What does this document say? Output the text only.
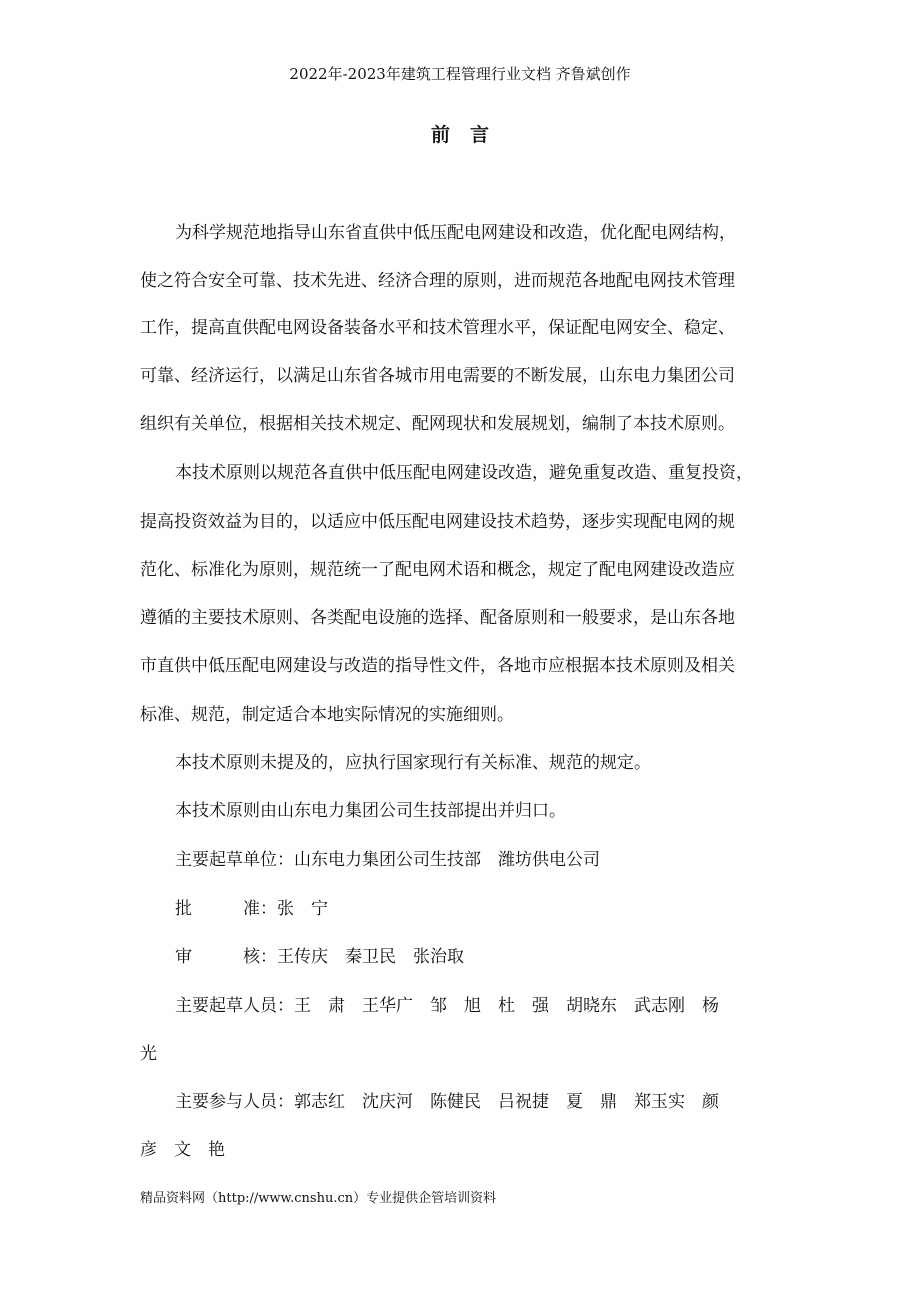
2022年-2023年建筑工程管理行业文档 齐鲁斌创作
前言
为科学规范地指导山东省直供中低压配电网建设和改造，优化配电网结构，
使之符合安全可靠、技术先进、经济合理的原则，进而规范各地配电网技术管理
工作，提高直供配电网设备装备水平和技术管理水平，保证配电网安全、稳定、
可靠、经济运行，以满足山东省各城市用电需要的不断发展，山东电力集团公司
组织有关单位，根据相关技术规定、配网现状和发展规划，编制了本技术原则。
本技术原则以规范各直供中低压配电网建设改造，避免重复改造、重复投资，
提高投资效益为目的，以适应中低压配电网建设技术趋势，逐步实现配电网的规
范化、标准化为原则，规范统一了配电网术语和概念，规定了配电网建设改造应
遵循的主要技术原则、各类配电设施的选择、配备原则和一般要求，是山东各地
市直供中低压配电网建设与改造的指导性文件，各地市应根据本技术原则及相关
标准、规范，制定适合本地实际情况的实施细则。
本技术原则未提及的，应执行国家现行有关标准、规范的规定。
本技术原则由山东电力集团公司生技部提出并归口。
主要起草单位：山东电力集团公司生技部　潍坊供电公司
批　　　准：张　宁
审　　　核：王传庆　秦卫民　张治取
主要起草人员：王　肃　王华广　邹　旭　杜　强　胡晓东　武志刚　杨
光
主要参与人员：郭志红　沈庆河　陈健民　吕祝捷　夏　鼎　郑玉实　颜
彦　文　艳
精品资料网（http://www.cnshu.cn）专业提供企管培训资料
